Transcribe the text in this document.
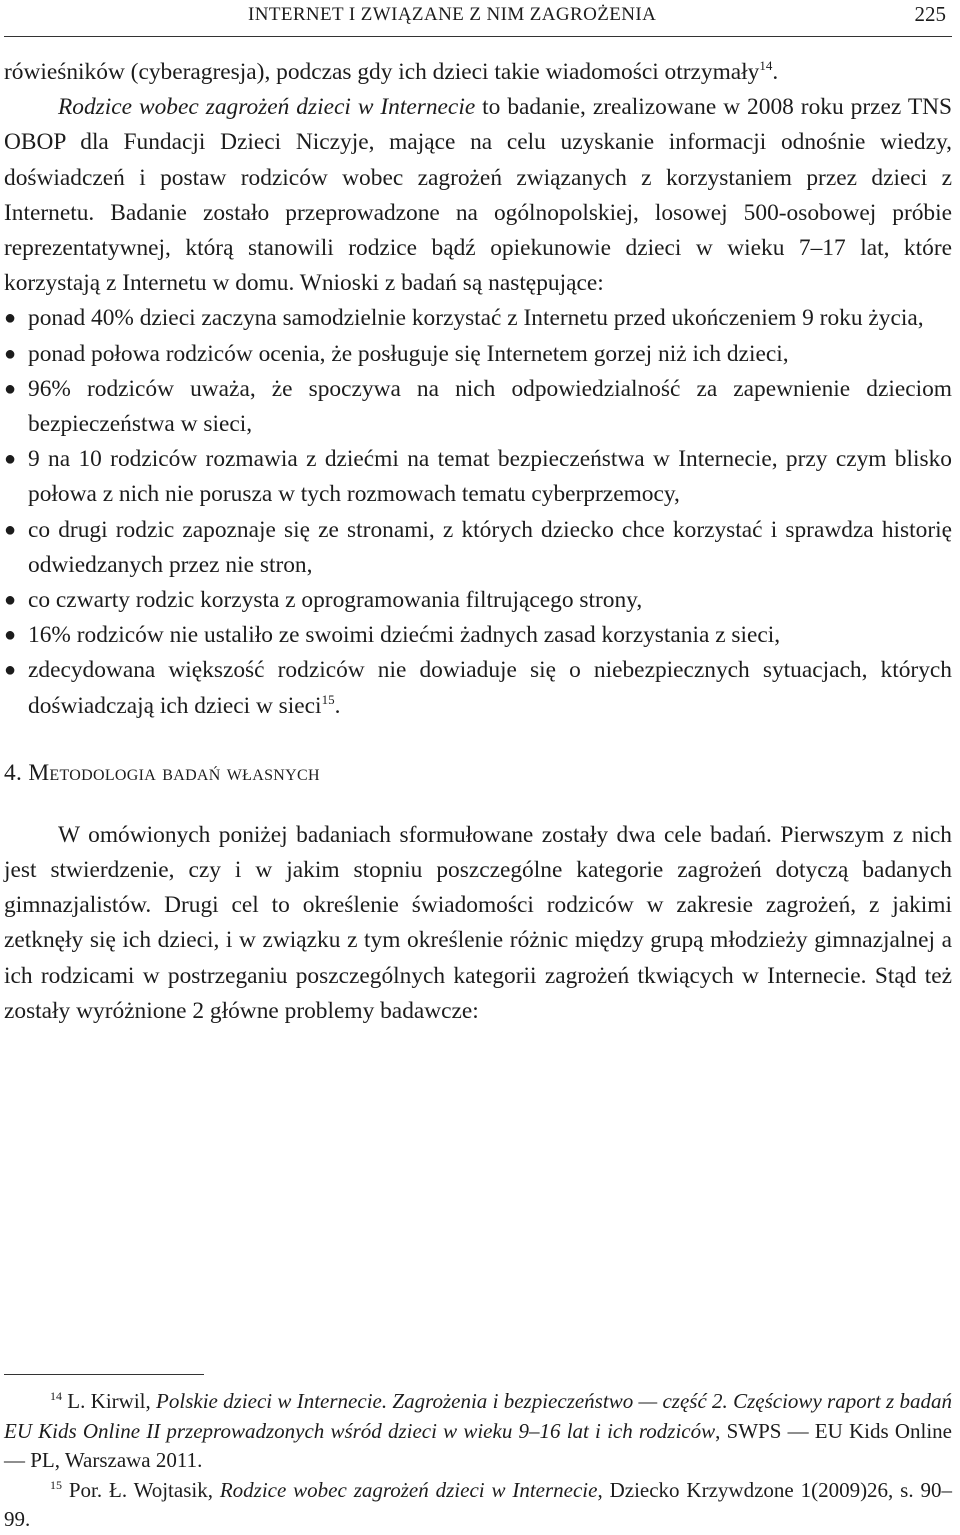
INTERNET I ZWIĄZANE Z NIM ZAGROŻENIA	225

rówieśników (cyberagresja), podczas gdy ich dzieci takie wiadomości otrzymały$^{14}$.

Rodzice wobec zagrożeń dzieci w Internecie to badanie, zrealizowane w 2008 roku przez TNS OBOP dla Fundacji Dzieci Niczyje, mające na celu uzyskanie informacji odnośnie wiedzy, doświadczeń i postaw rodziców wobec zagrożeń związanych z korzystaniem przez dzieci z Internetu. Badanie zostało przeprowadzone na ogólnopolskiej, losowej 500-osobowej próbie reprezentatywnej, którą stanowili rodzice bądź opiekunowie dzieci w wieku 7–17 lat, które korzystają z Internetu w domu. Wnioski z badań są następujące:

● ponad 40% dzieci zaczyna samodzielnie korzystać z Internetu przed ukończeniem 9 roku życia,
● ponad połowa rodziców ocenia, że posługuje się Internetem gorzej niż ich dzieci,
● 96% rodziców uważa, że spoczywa na nich odpowiedzialność za zapewnienie dzieciom bezpieczeństwa w sieci,
● 9 na 10 rodziców rozmawia z dziećmi na temat bezpieczeństwa w Internecie, przy czym blisko połowa z nich nie porusza w tych rozmowach tematu cyberprzemocy,
● co drugi rodzic zapoznaje się ze stronami, z których dziecko chce korzystać i sprawdza historię odwiedzanych przez nie stron,
● co czwarty rodzic korzysta z oprogramowania filtrującego strony,
● 16% rodziców nie ustaliło ze swoimi dziećmi żadnych zasad korzystania z sieci,
● zdecydowana większość rodziców nie dowiaduje się o niebezpiecznych sytuacjach, których doświadczają ich dzieci w sieci$^{15}$.
4. Metodologia badań własnych

W omówionych poniżej badaniach sformułowane zostały dwa cele badań. Pierwszym z nich jest stwierdzenie, czy i w jakim stopniu poszczególne kategorie zagrożeń dotyczą badanych gimnazjalistów. Drugi cel to określenie świadomości rodziców w zakresie zagrożeń, z jakimi zetknęły się ich dzieci, i w związku z tym określenie różnic między grupą młodzieży gimnazjalnej a ich rodzicami w postrzeganiu poszczególnych kategorii zagrożeń tkwiących w Internecie. Stąd też zostały wyróżnione 2 główne problemy badawcze:

$^{14}$ L. Kirwil, Polskie dzieci w Internecie. Zagrożenia i bezpieczeństwo — część 2. Częściowy raport z badań EU Kids Online II przeprowadzonych wśród dzieci w wieku 9–16 lat i ich rodziców, SWPS — EU Kids Online — PL, Warszawa 2011.
$^{15}$ Por. Ł. Wojtasik, Rodzice wobec zagrożeń dzieci w Internecie, Dziecko Krzywdzone 1(2009)26, s. 90–99.
